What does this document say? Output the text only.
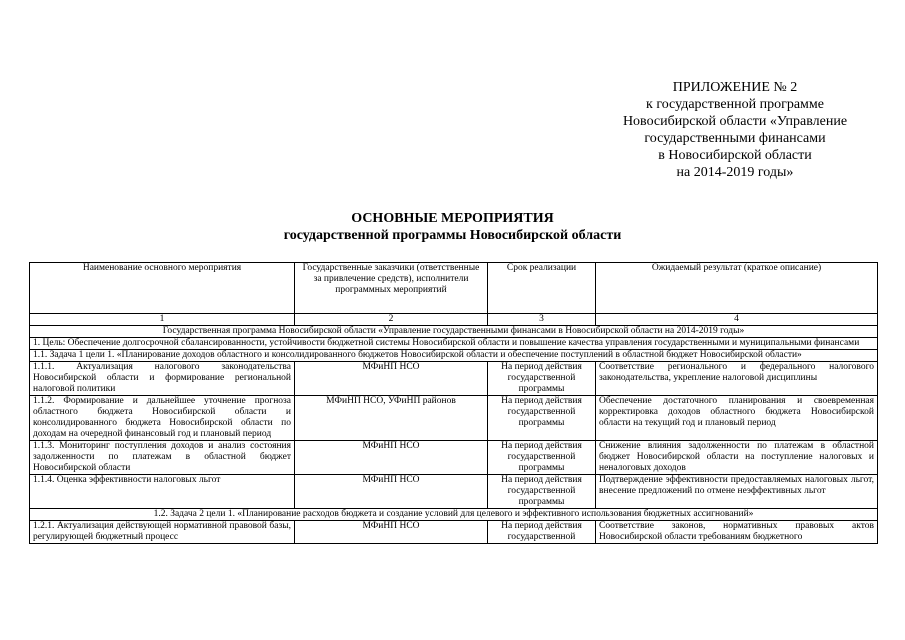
ПРИЛОЖЕНИЕ № 2
к государственной программе
Новосибирской области «Управление
государственными финансами
в Новосибирской области
на 2014-2019 годы»
ОСНОВНЫЕ МЕРОПРИЯТИЯ
государственной программы Новосибирской области
Наименование основного мероприятия	Государственные заказчики (ответственные за привлечение средств), исполнители программных мероприятий	Срок реализации	Ожидаемый результат (краткое описание)
1	2	3	4
Государственная программа Новосибирской области «Управление государственными финансами в Новосибирской области на 2014-2019 годы»			
1. Цель: Обеспечение долгосрочной сбалансированности, устойчивости бюджетной системы Новосибирской области и повышение качества управления государственными и муниципальными финансами			
1.1. Задача 1 цели 1. «Планирование доходов областного и консолидированного бюджетов Новосибирской области и обеспечение поступлений в областной бюджет Новосибирской области»			
1.1.1. Актуализация налогового законодательства Новосибирской области и формирование региональной налоговой политики	МФиНП НСО	На период действия государственной программы	Соответствие регионального и федерального налогового законодательства, укрепление налоговой дисциплины
1.1.2. Формирование и дальнейшее уточнение прогноза областного бюджета Новосибирской области и консолидированного бюджета Новосибирской области по доходам на очередной финансовый год и плановый период	МФиНП НСО, УФиНП районов	На период действия государственной программы	Обеспечение достаточного планирования и своевременная корректировка доходов областного бюджета Новосибирской области на текущий год и плановый период
1.1.3. Мониторинг поступления доходов и анализ состояния задолженности по платежам в областной бюджет Новосибирской области	МФиНП НСО	На период действия государственной программы	Снижение влияния задолженности по платежам в областной бюджет Новосибирской области на поступление налоговых и неналоговых доходов
1.1.4. Оценка эффективности налоговых льгот	МФиНП НСО	На период действия государственной программы	Подтверждение эффективности предоставляемых налоговых льгот, внесение предложений по отмене неэффективных льгот
1.2. Задача 2 цели 1. «Планирование расходов бюджета и создание условий для целевого и эффективного использования бюджетных ассигнований»			
1.2.1. Актуализация действующей нормативной правовой базы, регулирующей бюджетный процесс	МФиНП НСО	На период действия государственной	Соответствие законов, нормативных правовых актов Новосибирской области требованиям бюджетного
